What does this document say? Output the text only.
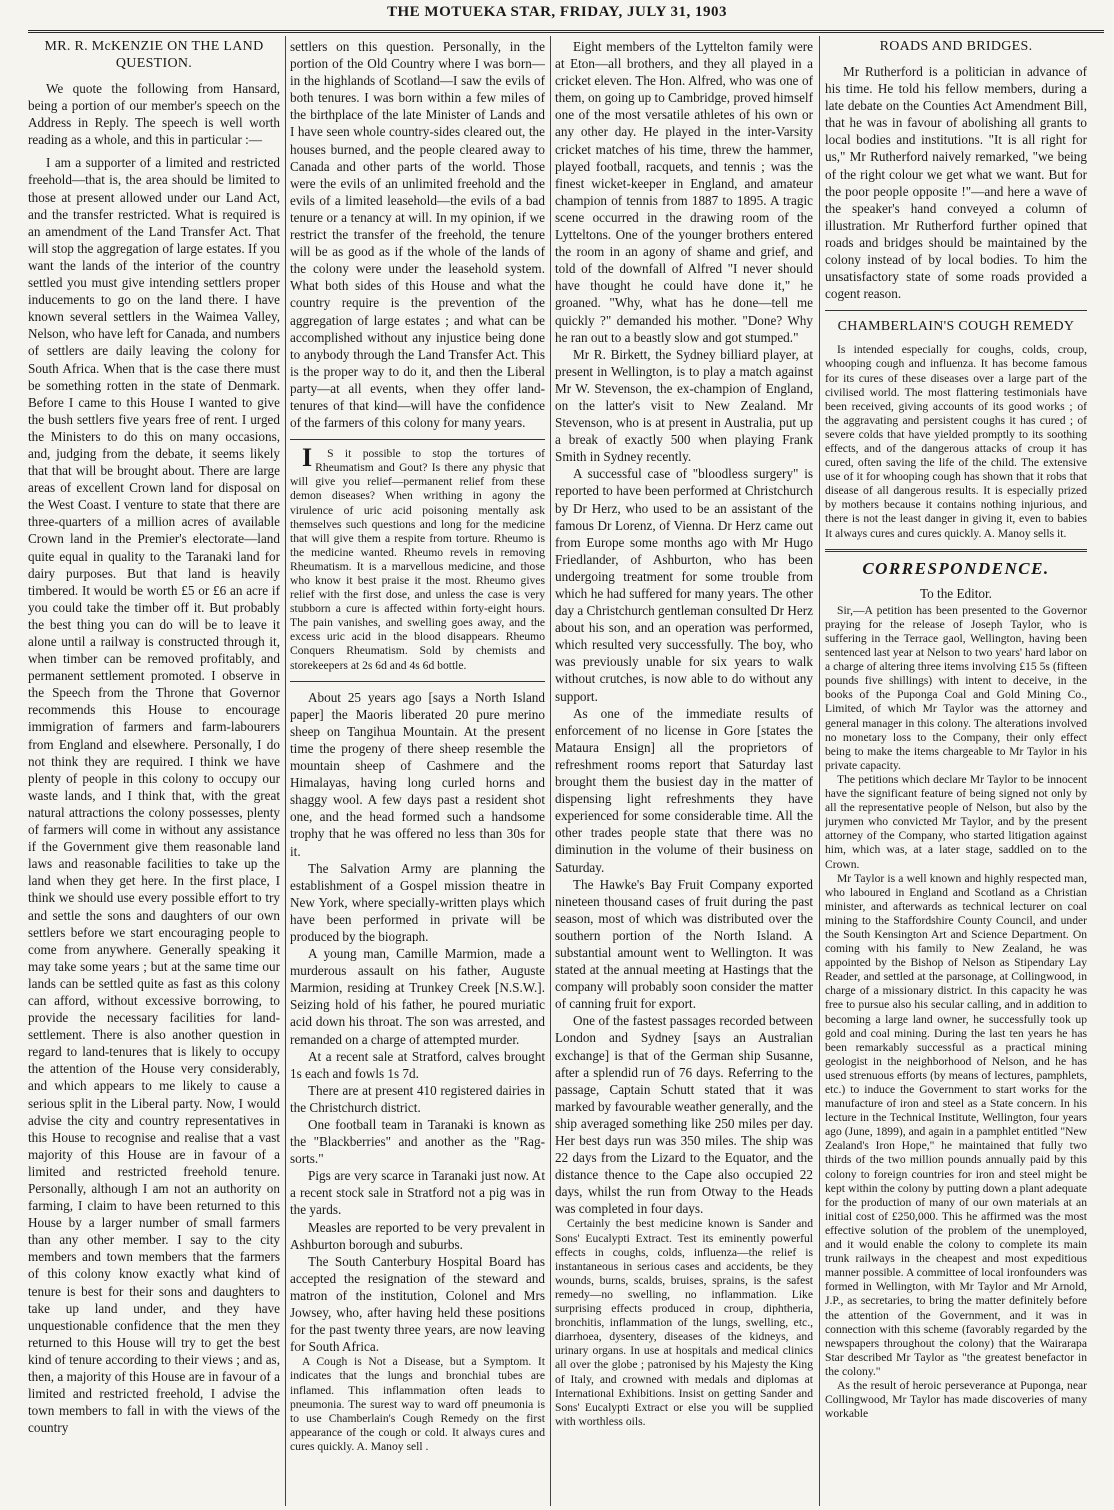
THE MOTUEKA STAR, FRIDAY, JULY 31, 1903
MR. R. McKENZIE ON THE LAND QUESTION.

We quote the following from Hansard, being a portion of our member's speech on the Address in Reply. The speech is well worth reading as a whole, and this in particular :—

I am a supporter of a limited and restricted freehold—that is, the area should be limited to those at present allowed under our Land Act, and the transfer restricted. What is required is an amendment of the Land Transfer Act. That will stop the aggregation of large estates. If you want the lands of the interior of the country settled you must give intending settlers proper inducements to go on the land there. I have known several settlers in the Waimea Valley, Nelson, who have left for Canada, and numbers of settlers are daily leaving the colony for South Africa. When that is the case there must be something rotten in the state of Denmark. Before I came to this House I wanted to give the bush settlers five years free of rent. I urged the Ministers to do this on many occasions, and, judging from the debate, it seems likely that that will be brought about. There are large areas of excellent Crown land for disposal on the West Coast. I venture to state that there are three-quarters of a million acres of available Crown land in the Premier's electorate—land quite equal in quality to the Taranaki land for dairy purposes. But that land is heavily timbered. It would be worth £5 or £6 an acre if you could take the timber off it. But probably the best thing you can do will be to leave it alone until a railway is constructed through it, when timber can be removed profitably, and permanent settlement promoted. I observe in the Speech from the Throne that Governor recommends this House to encourage immigration of farmers and farm-labourers from England and elsewhere. Personally, I do not think they are required. I think we have plenty of people in this colony to occupy our waste lands, and I think that, with the great natural attractions the colony possesses, plenty of farmers will come in without any assistance if the Government give them reasonable land laws and reasonable facilities to take up the land when they get here. In the first place, I think we should use every possible effort to try and settle the sons and daughters of our own settlers before we start encouraging people to come from anywhere. Generally speaking it may take some years ; but at the same time our lands can be settled quite as fast as this colony can afford, without excessive borrowing, to provide the necessary facilities for land-settlement. There is also another question in regard to land-tenures that is likely to occupy the attention of the House very considerably, and which appears to me likely to cause a serious split in the Liberal party. Now, I would advise the city and country representatives in this House to recognise and realise that a vast majority of this House are in favour of a limited and restricted freehold tenure. Personally, although I am not an authority on farming, I claim to have been returned to this House by a larger number of small farmers than any other member. I say to the city members and town members that the farmers of this colony know exactly what kind of tenure is best for their sons and daughters to take up land under, and they have unquestionable confidence that the men they returned to this House will try to get the best kind of tenure according to their views ; and as, then, a majority of this House are in favour of a limited and restricted freehold, I advise the town members to fall in with the views of the country

settlers on this question. Personally, in the portion of the Old Country where I was born—in the highlands of Scotland—I saw the evils of both tenures. I was born within a few miles of the birthplace of the late Minister of Lands and I have seen whole country-sides cleared out, the houses burned, and the people cleared away to Canada and other parts of the world. Those were the evils of an unlimited freehold and the evils of a limited leasehold—the evils of a bad tenure or a tenancy at will. In my opinion, if we restrict the transfer of the freehold, the tenure will be as good as if the whole of the lands of the colony were under the leasehold system. What both sides of this House and what the country require is the prevention of the aggregation of large estates ; and what can be accomplished without any injustice being done to anybody through the Land Transfer Act. This is the proper way to do it, and then the Liberal party—at all events, when they offer land-tenures of that kind—will have the confidence of the farmers of this colony for many years.

I S it possible to stop the tortures of Rheumatism and Gout? Is there any physic that will give you relief—permanent relief from these demon diseases? When writhing in agony the virulence of uric acid poisoning mentally ask themselves such questions and long for the medicine that will give them a respite from torture. Rheumo is the medicine wanted. Rheumo revels in removing Rheumatism. It is a marvellous medicine, and those who know it best praise it the most. Rheumo gives relief with the first dose, and unless the case is very stubborn a cure is affected within forty-eight hours. The pain vanishes, and swelling goes away, and the excess uric acid in the blood disappears. Rheumo Conquers Rheumatism. Sold by chemists and storekeepers at 2s 6d and 4s 6d bottle.

About 25 years ago [says a North Island paper] the Maoris liberated 20 pure merino sheep on Tangihua Mountain. At the present time the progeny of there sheep resemble the mountain sheep of Cashmere and the Himalayas, having long curled horns and shaggy wool. A few days past a resident shot one, and the head formed such a handsome trophy that he was offered no less than 30s for it.

The Salvation Army are planning the establishment of a Gospel mission theatre in New York, where specially-written plays which have been performed in private will be produced by the biograph.

A young man, Camille Marmion, made a murderous assault on his father, Auguste Marmion, residing at Trunkey Creek [N.S.W.]. Seizing hold of his father, he poured muriatic acid down his throat. The son was arrested, and remanded on a charge of attempted murder.

At a recent sale at Stratford, calves brought 1s each and fowls 1s 7d.

There are at present 410 registered dairies in the Christchurch district.

One football team in Taranaki is known as the "Blackberries" and another as the "Rag-sorts."

Pigs are very scarce in Taranaki just now. At a recent stock sale in Stratford not a pig was in the yards.

Measles are reported to be very prevalent in Ashburton borough and suburbs.

The South Canterbury Hospital Board has accepted the resignation of the steward and matron of the institution, Colonel and Mrs Jowsey, who, after having held these positions for the past twenty three years, are now leaving for South Africa.

A Cough is Not a Disease, but a Symptom. It indicates that the lungs and bronchial tubes are inflamed. This inflammation often leads to pneumonia. The surest way to ward off pneumonia is to use Chamberlain's Cough Remedy on the first appearance of the cough or cold. It always cures and cures quickly. A. Manoy sell .

Eight members of the Lyttelton family were at Eton—all brothers, and they all played in a cricket eleven. The Hon. Alfred, who was one of them, on going up to Cambridge, proved himself one of the most versatile athletes of his own or any other day. He played in the inter-Varsity cricket matches of his time, threw the hammer, played football, racquets, and tennis ; was the finest wicket-keeper in England, and amateur champion of tennis from 1887 to 1895. A tragic scene occurred in the drawing room of the Lytteltons. One of the younger brothers entered the room in an agony of shame and grief, and told of the downfall of Alfred "I never should have thought he could have done it," he groaned. "Why, what has he done—tell me quickly ?" demanded his mother. "Done? Why he ran out to a beastly slow and got stumped."

Mr R. Birkett, the Sydney billiard player, at present in Wellington, is to play a match against Mr W. Stevenson, the ex-champion of England, on the latter's visit to New Zealand. Mr Stevenson, who is at present in Australia, put up a break of exactly 500 when playing Frank Smith in Sydney recently.

A successful case of "bloodless surgery" is reported to have been performed at Christchurch by Dr Herz, who used to be an assistant of the famous Dr Lorenz, of Vienna. Dr Herz came out from Europe some months ago with Mr Hugo Friedlander, of Ashburton, who has been undergoing treatment for some trouble from which he had suffered for many years. The other day a Christchurch gentleman consulted Dr Herz about his son, and an operation was performed, which resulted very successfully. The boy, who was previously unable for six years to walk without crutches, is now able to do without any support.

As one of the immediate results of enforcement of no license in Gore [states the Mataura Ensign] all the proprietors of refreshment rooms report that Saturday last brought them the busiest day in the matter of dispensing light refreshments they have experienced for some considerable time. All the other trades people state that there was no diminution in the volume of their business on Saturday.

The Hawke's Bay Fruit Company exported nineteen thousand cases of fruit during the past season, most of which was distributed over the southern portion of the North Island. A substantial amount went to Wellington. It was stated at the annual meeting at Hastings that the company will probably soon consider the matter of canning fruit for export.

One of the fastest passages recorded between London and Sydney [says an Australian exchange] is that of the German ship Susanne, after a splendid run of 76 days. Referring to the passage, Captain Schutt stated that it was marked by favourable weather generally, and the ship averaged something like 250 miles per day. Her best days run was 350 miles. The ship was 22 days from the Lizard to the Equator, and the distance thence to the Cape also occupied 22 days, whilst the run from Otway to the Heads was completed in four days.

Certainly the best medicine known is Sander and Sons' Eucalypti Extract. Test its eminently powerful effects in coughs, colds, influenza—the relief is instantaneous in serious cases and accidents, be they wounds, burns, scalds, bruises, sprains, is the safest remedy—no swelling, no inflammation. Like surprising effects produced in croup, diphtheria, bronchitis, inflammation of the lungs, swelling, etc., diarrhoea, dysentery, diseases of the kidneys, and urinary organs. In use at hospitals and medical clinics all over the globe ; patronised by his Majesty the King of Italy, and crowned with medals and diplomas at International Exhibitions. Insist on getting Sander and Sons' Eucalypti Extract or else you will be supplied with worthless oils.

ROADS AND BRIDGES.

Mr Rutherford is a politician in advance of his time. He told his fellow members, during a late debate on the Counties Act Amendment Bill, that he was in favour of abolishing all grants to local bodies and institutions. "It is all right for us," Mr Rutherford naively remarked, "we being of the right colour we get what we want. But for the poor people opposite !"—and here a wave of the speaker's hand conveyed a column of illustration. Mr Rutherford further opined that roads and bridges should be maintained by the colony instead of by local bodies. To him the unsatisfactory state of some roads provided a cogent reason.

CHAMBERLAIN'S COUGH REMEDY

Is intended especially for coughs, colds, croup, whooping cough and influenza. It has become famous for its cures of these diseases over a large part of the civilised world. The most flattering testimonials have been received, giving accounts of its good works ; of the aggravating and persistent coughs it has cured ; of severe colds that have yielded promptly to its soothing effects, and of the dangerous attacks of croup it has cured, often saving the life of the child. The extensive use of it for whooping cough has shown that it robs that disease of all dangerous results. It is especially prized by mothers because it contains nothing injurious, and there is not the least danger in giving it, even to babies It always cures and cures quickly. A. Manoy sells it.

CORRESPONDENCE.
To the Editor.

Sir,—A petition has been presented to the Governor praying for the release of Joseph Taylor, who is suffering in the Terrace gaol, Wellington, having been sentenced last year at Nelson to two years' hard labor on a charge of altering three items involving £15 5s (fifteen pounds five shillings) with intent to deceive, in the books of the Puponga Coal and Gold Mining Co., Limited, of which Mr Taylor was the attorney and general manager in this colony. The alterations involved no monetary loss to the Company, their only effect being to make the items chargeable to Mr Taylor in his private capacity.

The petitions which declare Mr Taylor to be innocent have the significant feature of being signed not only by all the representative people of Nelson, but also by the jurymen who convicted Mr Taylor, and by the present attorney of the Company, who started litigation against him, which was, at a later stage, saddled on to the Crown.

Mr Taylor is a well known and highly respected man, who laboured in England and Scotland as a Christian minister, and afterwards as technical lecturer on coal mining to the Staffordshire County Council, and under the South Kensington Art and Science Department. On coming with his family to New Zealand, he was appointed by the Bishop of Nelson as Stipendary Lay Reader, and settled at the parsonage, at Collingwood, in charge of a missionary district. In this capacity he was free to pursue also his secular calling, and in addition to becoming a large land owner, he successfully took up gold and coal mining. During the last ten years he has been remarkably successful as a practical mining geologist in the neighborhood of Nelson, and he has used strenuous efforts (by means of lectures, pamphlets, etc.) to induce the Government to start works for the manufacture of iron and steel as a State concern. In his lecture in the Technical Institute, Wellington, four years ago (June, 1899), and again in a pamphlet entitled "New Zealand's Iron Hope," he maintained that fully two thirds of the two million pounds annually paid by this colony to foreign countries for iron and steel might be kept within the colony by putting down a plant adequate for the production of many of our own materials at an initial cost of £250,000. This he affirmed was the most effective solution of the problem of the unemployed, and it would enable the colony to complete its main trunk railways in the cheapest and most expeditious manner possible. A committee of local ironfounders was formed in Wellington, with Mr Taylor and Mr Arnold, J.P., as secretaries, to bring the matter definitely before the attention of the Government, and it was in connection with this scheme (favorably regarded by the newspapers throughout the colony) that the Wairarapa Star described Mr Taylor as "the greatest benefactor in the colony."

As the result of heroic perseverance at Puponga, near Collingwood, Mr Taylor has made discoveries of many workable
